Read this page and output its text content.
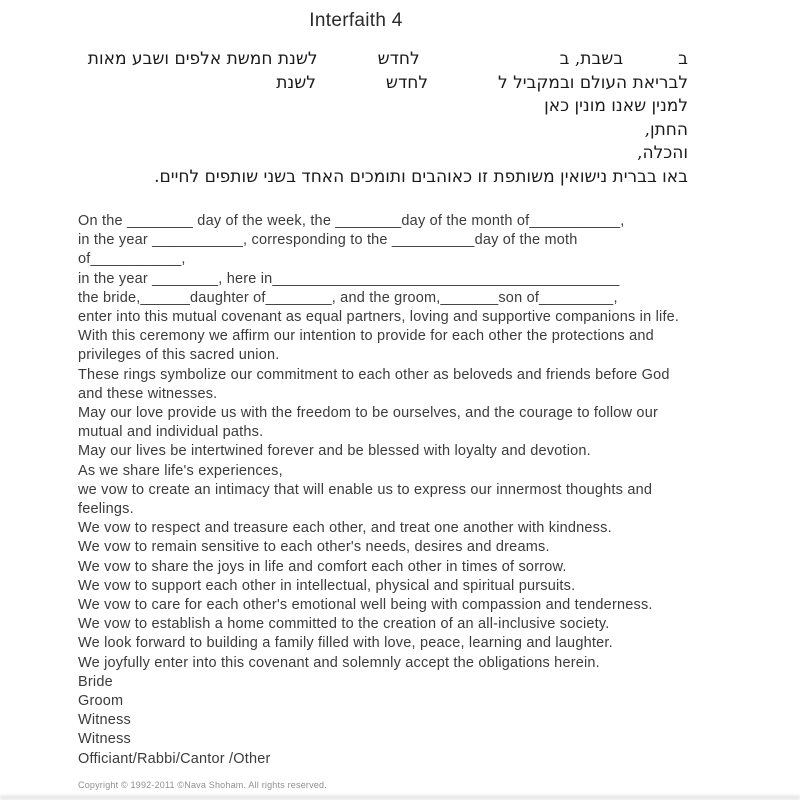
Interfaith 4
בבשבת, בלחדשלשנת חמשת אלפים ושבע מאות
לבריאת העולם ובמקביל ללחדשלשנת
למנין שאנו מונין כאן
החתן,
והכלה,
באו בברית נישואין משותפת זו כאוהבים ותומכים האחד בשני שותפים לחיים.
On the ________ day of the week, the ________day of the month of___________,
in the year ___________, corresponding to the __________day of the moth
of___________,
in the year ________, here in__________________________________________
the bride,______daughter of________, and the groom,_______son of_________,
enter into this mutual covenant as equal partners, loving and supportive companions in life.
With this ceremony we affirm our intention to provide for each other the protections and
privileges of this sacred union.
These rings symbolize our commitment to each other as beloveds and friends before God
and these witnesses.
May our love provide us with the freedom to be ourselves, and the courage to follow our
mutual and individual paths.
May our lives be intertwined forever and be blessed with loyalty and devotion.
As we share life's experiences,
we vow to create an intimacy that will enable us to express our innermost thoughts and
feelings.
We vow to respect and treasure each other, and treat one another with kindness.
We vow to remain sensitive to each other's needs, desires and dreams.
We vow to share the joys in life and comfort each other in times of sorrow.
We vow to support each other in intellectual, physical and spiritual pursuits.
We vow to care for each other's emotional well being with compassion and tenderness.
We vow to establish a home committed to the creation of an all-inclusive society.
We look forward to building a family filled with love, peace, learning and laughter.
We joyfully enter into this covenant and solemnly accept the obligations herein.
Bride
Groom
Witness
Witness
Officiant/Rabbi/Cantor /Other
Copyright © 1992-2011 ©Nava Shoham. All rights reserved.
